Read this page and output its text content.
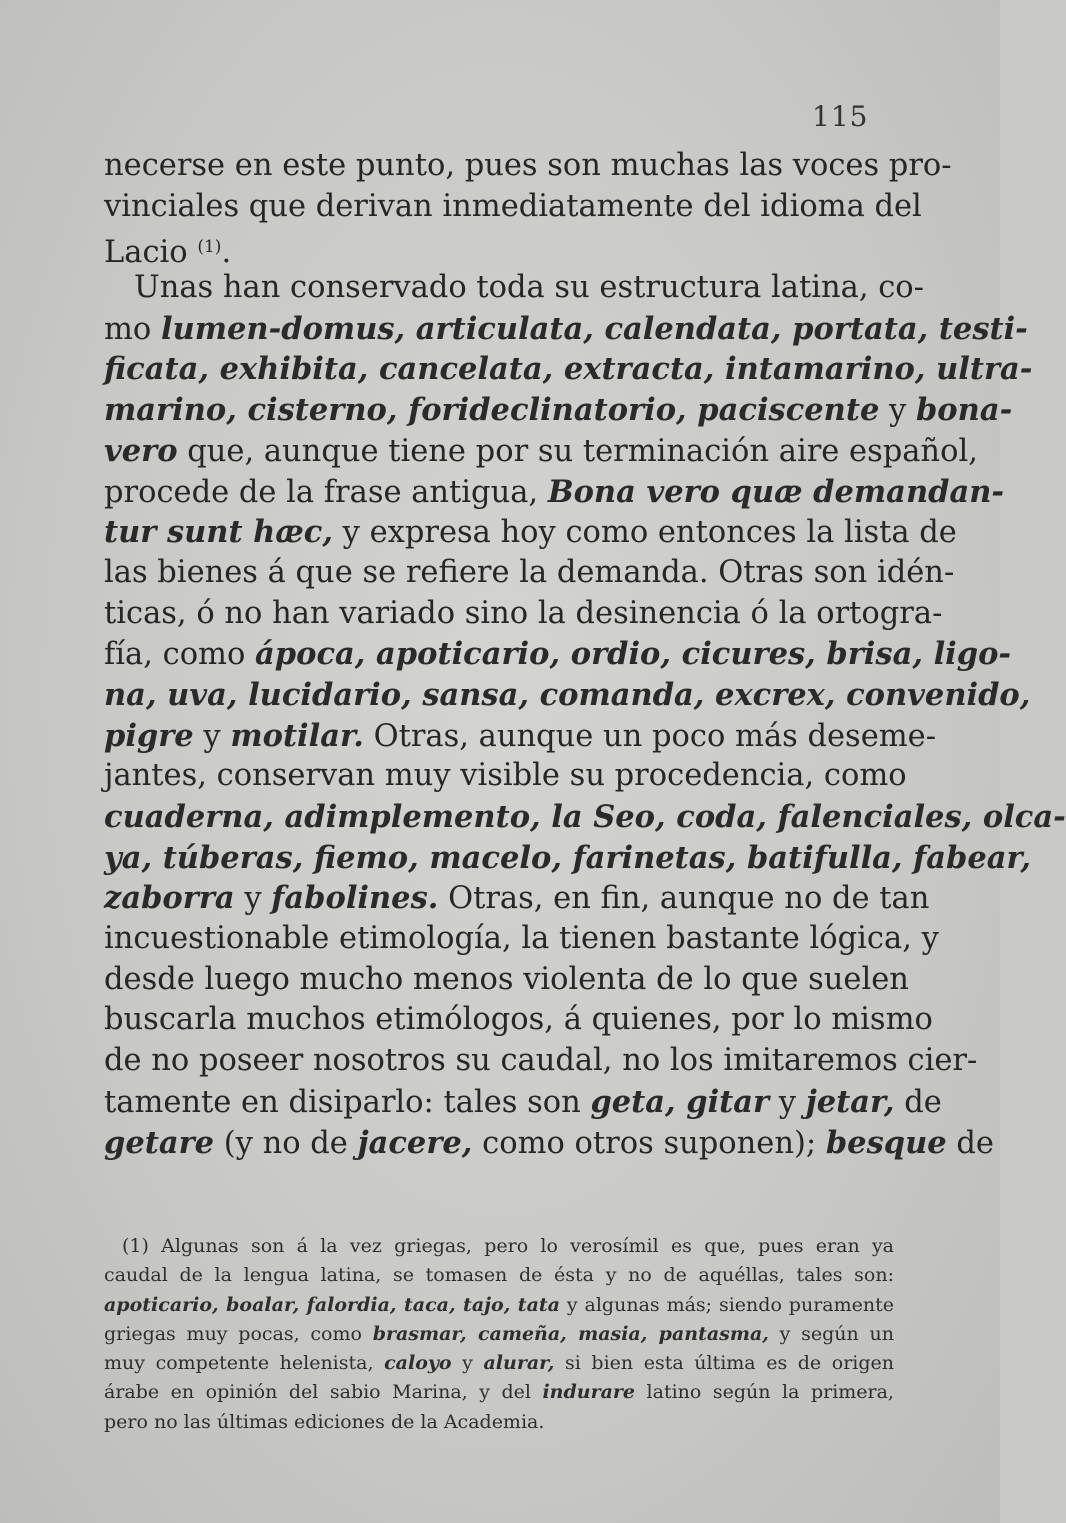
115
necerse en este punto, pues son muchas las voces pro-
vinciales que derivan inmediatamente del idioma del
Lacio $^{(1)}$.
Unas han conservado toda su estructura latina, co-
mo lumen-domus, articulata, calendata, portata, testi-
ficata, exhibita, cancelata, extracta, intamarino, ultra-
marino, cisterno, forideclinatorio, paciscente y bona-
vero que, aunque tiene por su terminación aire español,
procede de la frase antigua, Bona vero quæ demandan-
tur sunt hæc, y expresa hoy como entonces la lista de
las bienes á que se refiere la demanda. Otras son idén-
ticas, ó no han variado sino la desinencia ó la ortogra-
fía, como ápoca, apoticario, ordio, cicures, brisa, ligo-
na, uva, lucidario, sansa, comanda, excrex, convenido,
pigre y motilar. Otras, aunque un poco más deseme-
jantes, conservan muy visible su procedencia, como
cuaderna, adimplemento, la Seo, coda, falenciales, olca-
ya, túberas, fiemo, macelo, farinetas, batifulla, fabear,
zaborra y fabolines. Otras, en fin, aunque no de tan
incuestionable etimología, la tienen bastante lógica, y
desde luego mucho menos violenta de lo que suelen
buscarla muchos etimólogos, á quienes, por lo mismo
de no poseer nosotros su caudal, no los imitaremos cier-
tamente en disiparlo: tales son geta, gitar y jetar, de
getare (y no de jacere, como otros suponen); besque de
(1) Algunas son á la vez griegas, pero lo verosímil es que, pues eran ya
caudal de la lengua latina, se tomasen de ésta y no de aquéllas, tales son:
apoticario, boalar, falordia, taca, tajo, tata y algunas más; siendo puramente
griegas muy pocas, como brasmar, cameña, masia, pantasma, y según un
muy competente helenista, caloyo y alurar, si bien esta última es de origen
árabe en opinión del sabio Marina, y del indurare latino según la primera,
pero no las últimas ediciones de la Academia.
